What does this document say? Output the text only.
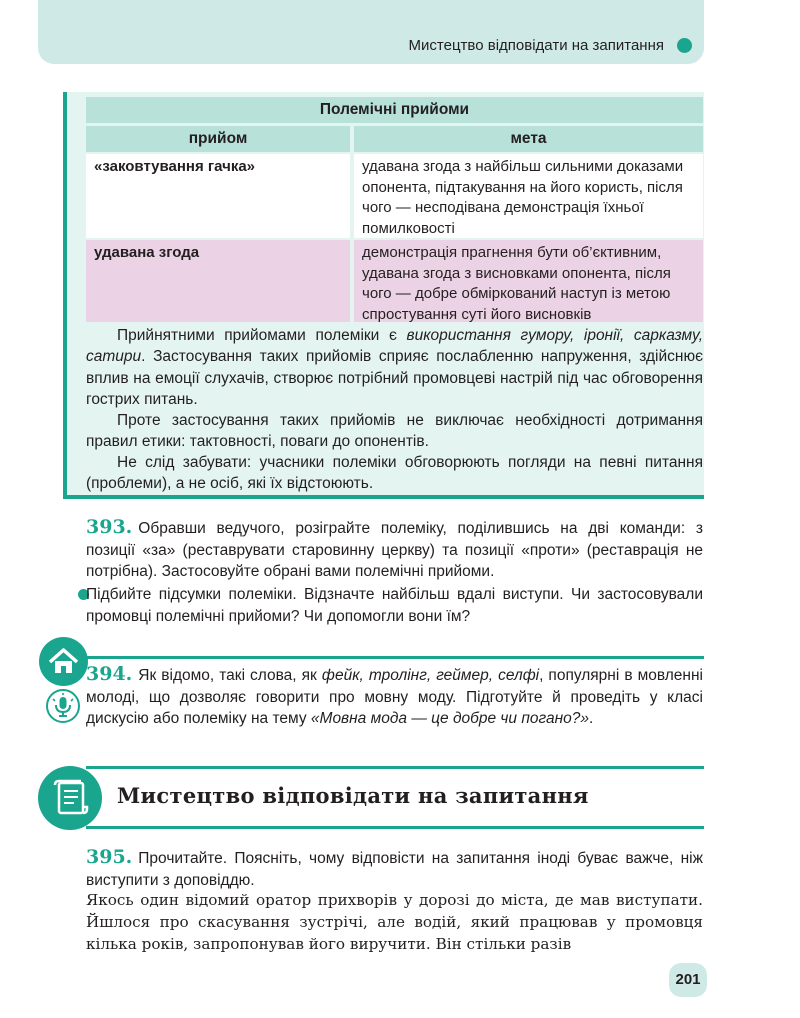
Мистецтво відповідати на запитання
Полемічні прийоми
прийом	мета
«заковтування гачка»	удавана згода з найбільш сильними доказами опонента, підтакування на його користь, після чого — несподівана демонстрація їхньої помилковості
удавана згода	демонстрація прагнення бути об’єктивним, удавана згода з висновками опонента, після чого — добре обміркований наступ із метою спростування суті його висновків

Прийнятними прийомами полеміки є використання гумору, іронії, сарказму, сатири. Застосування таких прийомів сприяє послабленню напруження, здійснює вплив на емоції слухачів, створює потрібний промовцеві настрій під час обговорення гострих питань.

Проте застосування таких прийомів не виключає необхідності дотримання правил етики: тактовності, поваги до опонентів.

Не слід забувати: учасники полеміки обговорюють погляди на певні питання (проблеми), а не осіб, які їх відстоюють.

393. Обравши ведучого, розіграйте полеміку, поділившись на дві команди: з позиції «за» (реставрувати старовинну церкву) та позиції «проти» (реставрація не потрібна). Застосовуйте обрані вами полемічні прийоми.

Підбийте підсумки полеміки. Відзначте найбільш вдалі виступи. Чи застосовували промовці полемічні прийоми? Чи допомогли вони їм?

394. Як відомо, такі слова, як фейк, тролінг, геймер, селфі, популярні в мовленні молоді, що дозволяє говорити про мовну моду. Підготуйте й проведіть у класі дискусію або полеміку на тему «Мовна мода — це добре чи погано?».

Мистецтво відповідати на запитання

395. Прочитайте. Поясніть, чому відповісти на запитання іноді буває важче, ніж виступити з доповіддю.

Якось один відомий оратор прихворів у дорозі до міста, де мав виступати. Йшлося про скасування зустрічі, але водій, який працював у промовця кілька років, запропонував його виручити. Він стільки разів

201
